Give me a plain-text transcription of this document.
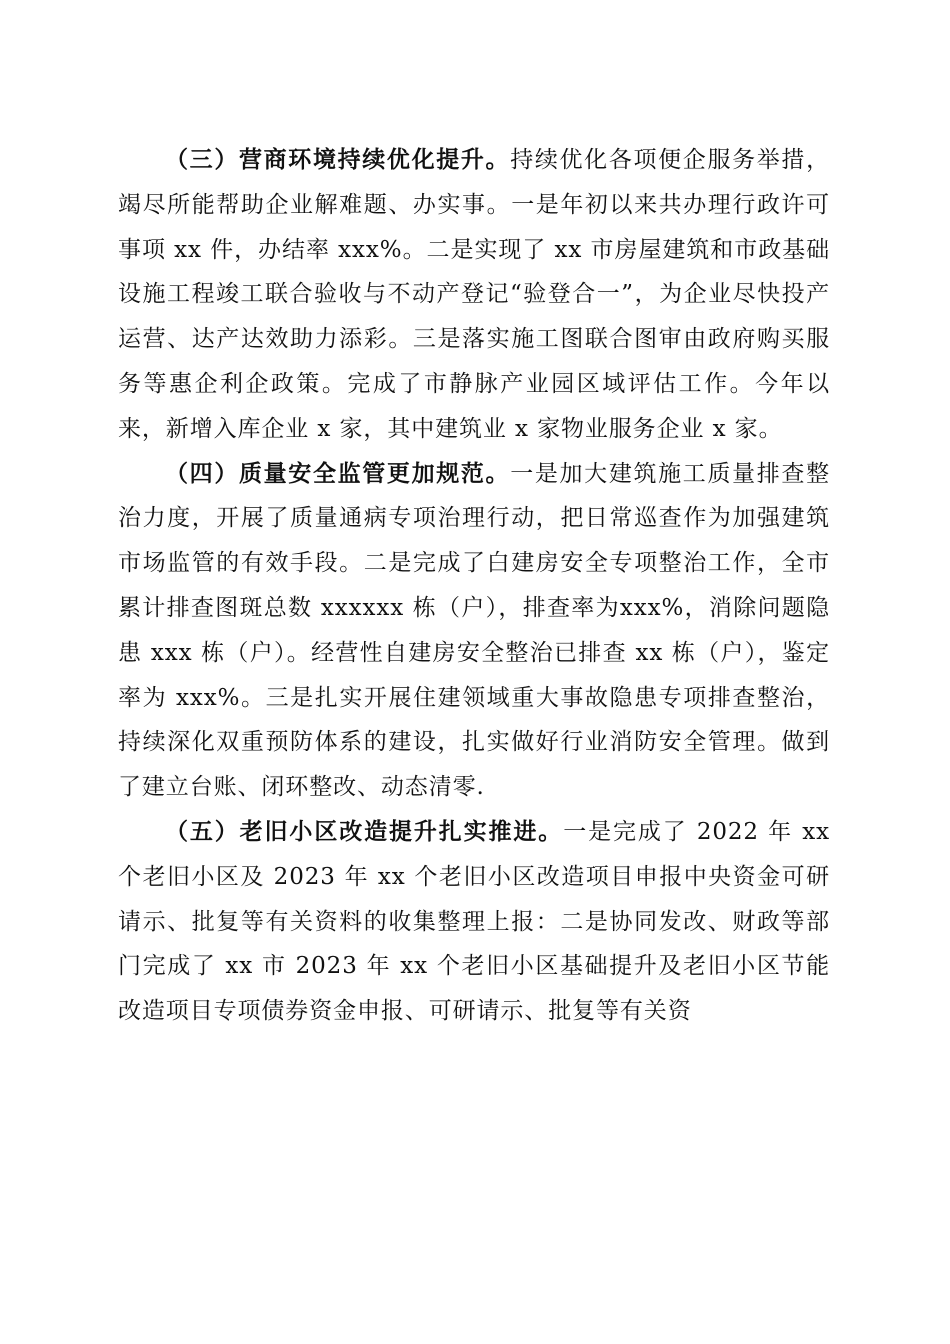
（三）营商环境持续优化提升。持续优化各项便企服务举措，竭尽所能帮助企业解难题、办实事。一是年初以来共办理行政许可事项 xx 件，办结率 xxx%。二是实现了 xx 市房屋建筑和市政基础设施工程竣工联合验收与不动产登记“验登合一”，为企业尽快投产运营、达产达效助力添彩。三是落实施工图联合图审由政府购买服务等惠企利企政策。完成了市静脉产业园区域评估工作。今年以来，新增入库企业 x 家，其中建筑业 x 家物业服务企业 x 家。

（四）质量安全监管更加规范。一是加大建筑施工质量排查整治力度，开展了质量通病专项治理行动，把日常巡查作为加强建筑市场监管的有效手段。二是完成了白建房安全专项整治工作，全市累计排查图斑总数 xxxxxx 栋（户），排查率为xxx%，消除问题隐患 xxx 栋（户）。经营性自建房安全整治已排查 xx 栋（户），鉴定率为 xxx%。三是扎实开展住建领域重大事故隐患专项排查整治，持续深化双重预防体系的建设，扎实做好行业消防安全管理。做到了建立台账、闭环整改、动态清零.

（五）老旧小区改造提升扎实推进。一是完成了 2022 年 xx 个老旧小区及 2023 年 xx 个老旧小区改造项目申报中央资金可研请示、批复等有关资料的收集整理上报：二是协同发改、财政等部门完成了 xx 市 2023 年 xx 个老旧小区基础提升及老旧小区节能改造项目专项债券资金申报、可研请示、批复等有关资
